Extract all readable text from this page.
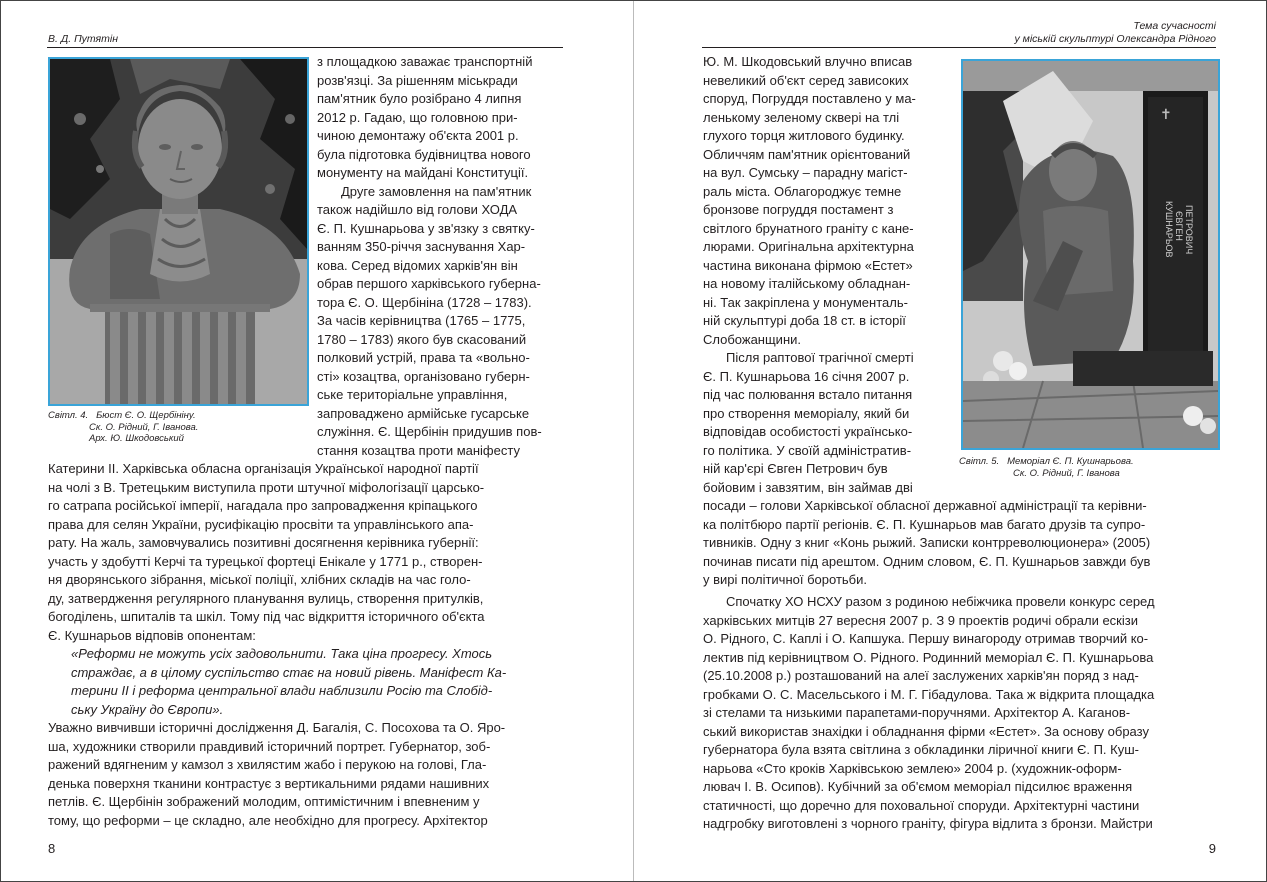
В. Д. Путятін
Світл. 4. Бюст Є. О. Щербініну.
Ск. О. Рідний, Г. Іванова.
Арх. Ю. Шкодовський
з площадкою заважає транспортній
розв'язці. За рішенням міськради
пам'ятник було розібрано 4 липня
2012 р. Гадаю, що головною при-
чиною демонтажу об'єкта 2001 р.
була підготовка будівництва нового
монументу на майдані Конституції.
Друге замовлення на пам'ятник
також надійшло від голови ХОДА
Є. П. Кушнарьова у зв'язку з святку-
ванням 350-річчя заснування Хар-
кова. Серед відомих харків'ян він
обрав першого харківського губерна-
тора Є. О. Щербініна (1728 – 1783).
За часів керівництва (1765 – 1775,
1780 – 1783) якого був скасований
полковий устрій, права та «вольно-
сті» козацтва, організовано губерн-
ське територіальне управління,
запроваджено армійське гусарське
служіння. Є. Щербінін придушив пов-
стання козацтва проти маніфесту
Катерини ІІ. Харківська обласна організація Української народної партії
на чолі з В. Третецьким виступила проти штучної міфологізації царсько-
го сатрапа російської імперії, нагадала про запровадження кріпацького
права для селян України, русифікацію просвіти та управлінського апа-
рату. На жаль, замовчувались позитивні досягнення керівника губернії:
участь у здобутті Керчі та турецької фортеці Енікале у 1771 р., створен-
ня дворянського зібрання, міської поліції, хлібних складів на час голо-
ду, затвердження регулярного планування вулиць, створення притулків,
богоділень, шпиталів та шкіл. Тому під час відкриття історичного об'єкта
Є. Кушнарьов відповів опонентам:
«Реформи не можуть усіх задовольнити. Така ціна прогресу. Хтось
страждає, а в цілому суспільство стає на новий рівень. Маніфест Ка-
терини ІІ і реформа центральної влади наблизили Росію та Слобід-
ську Україну до Європи».
Уважно вивчивши історичні дослідження Д. Багалія, С. Посохова та О. Яро-
ша, художники створили правдивий історичний портрет. Губернатор, зоб-
ражений вдягненим у камзол з хвилястим жабо і перукою на голові, Гла-
денька поверхня тканини контрастує з вертикальними рядами нашивних
петлів. Є. Щербінін зображений молодим, оптимістичним і впевненим у
тому, що реформи – це складно, але необхідно для прогресу. Архітектор
8
Тема сучасності
у міській скульптурі Олександра Рідного
Ю. М. Шкодовський влучно вписав
невеликий об'єкт серед зависоких
споруд, Погруддя поставлено у ма-
ленькому зеленому сквері на тлі
глухого торця житлового будинку.
Обличчям пам'ятник орієнтований
на вул. Сумську – парадну магіст-
раль міста. Облагороджує темне
бронзове погруддя постамент з
світлого брунатного граніту с кане-
люрами. Оригінальна архітектурна
частина виконана фірмою «Естет»
на новому італійському обладнан-
ні. Так закріплена у монументаль-
ній скульптурі доба 18 ст. в історії
Слобожанщини.
Після раптової трагічної смерті
Є. П. Кушнарьова 16 січня 2007 р.
під час полювання встало питання
про створення меморіалу, який би
відповідав особистості українсько-
го політика. У своїй адміністратив-
ній кар'єрі Євген Петрович був
бойовим і завзятим, він займав дві
✝
КУШНАРЬОВ ЄВГЕН ПЕТРОВИЧ
Світл. 5. Меморіал Є. П. Кушнарьова.
Ск. О. Рідний, Г. Іванова
посади – голови Харківської обласної державної адміністрації та керівни-
ка політбюро партії регіонів. Є. П. Кушнарьов мав багато друзів та супро-
тивників. Одну з книг «Конь рыжий. Записки контрреволюционера» (2005)
починав писати під арештом. Одним словом, Є. П. Кушнарьов завжди був
у вирі політичної боротьби.
Спочатку ХО НСХУ разом з родиною небіжчика провели конкурс серед
харківських митців 27 вересня 2007 р. З 9 проектів родичі обрали ескізи
О. Рідного, С. Каплі і О. Капшука. Першу винагороду отримав творчий ко-
лектив під керівництвом О. Рідного. Родинний меморіал Є. П. Кушнарьова
(25.10.2008 р.) розташований на алеї заслужених харків'ян поряд з над-
гробками О. С. Масельського і М. Г. Гібадулова. Така ж відкрита площадка
зі стелами та низькими парапетами-поручнями. Архітектор А. Каганов-
ський використав знахідки і обладнання фірми «Естет». За основу образу
губернатора була взята світлина з обкладинки ліричної книги Є. П. Куш-
нарьова «Сто кроків Харківською землею» 2004 р. (художник-оформ-
лювач І. В. Осипов). Кубічний за об'ємом меморіал підсилює враження
статичності, що доречно для поховальної споруди. Архітектурні частини
надгробку виготовлені з чорного граніту, фігура відлита з бронзи. Майстри
9
